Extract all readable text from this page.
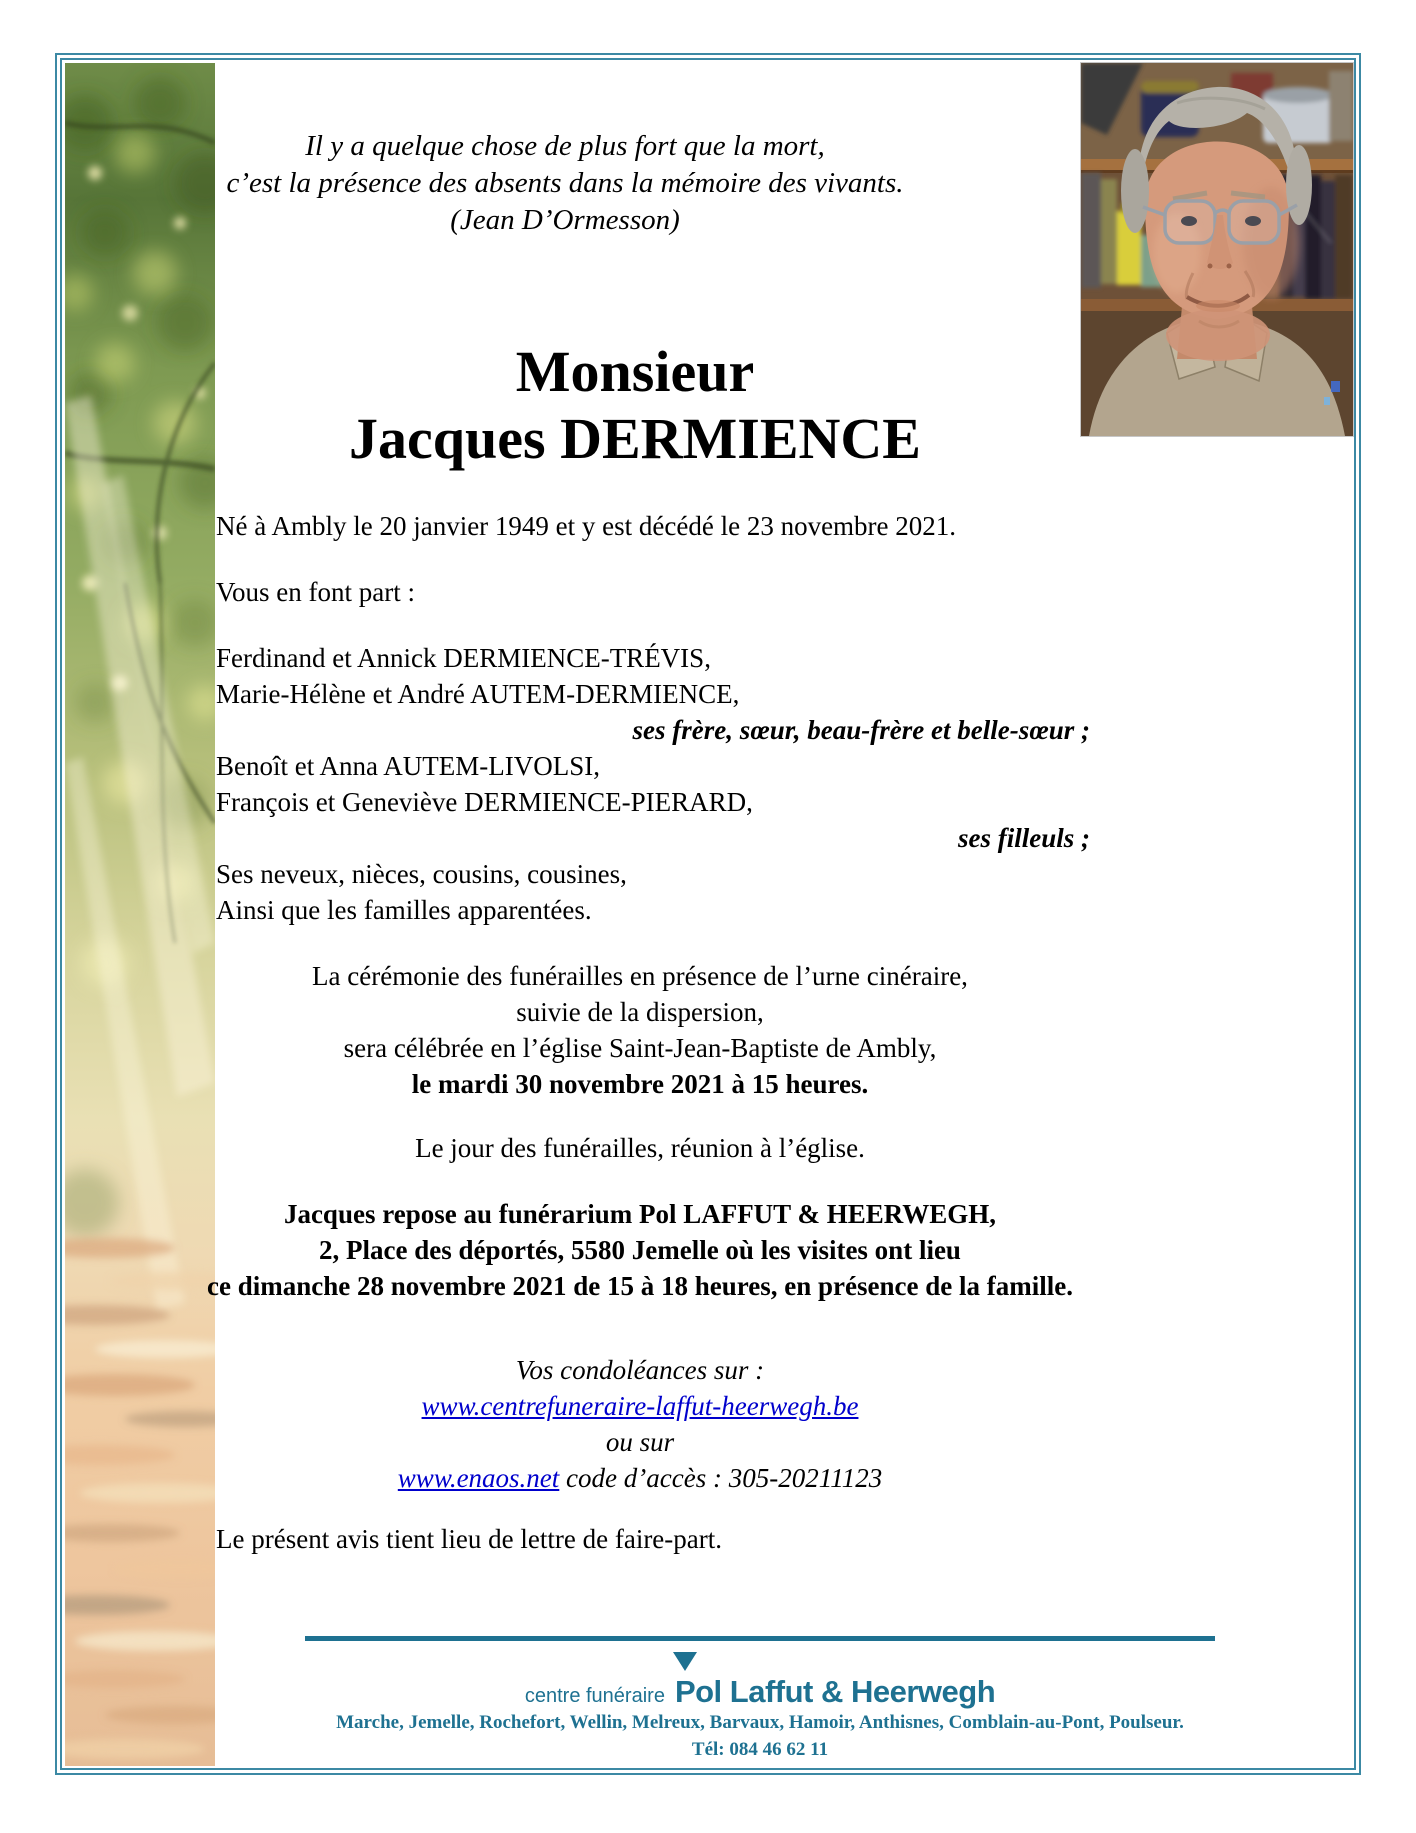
Il y a quelque chose de plus fort que la mort,
c’est la présence des absents dans la mémoire des vivants.
(Jean D’Ormesson)
Monsieur
Jacques DERMIENCE
Né à Ambly le 20 janvier 1949 et y est décédé le 23 novembre 2021.
Vous en font part :
Ferdinand et Annick DERMIENCE-TRÉVIS,
Marie-Hélène et André AUTEM-DERMIENCE,
ses frère, sœur, beau-frère et belle-sœur ;
Benoît et Anna AUTEM-LIVOLSI,
François et Geneviève DERMIENCE-PIERARD,
ses filleuls ;
Ses neveux, nièces, cousins, cousines,
Ainsi que les familles apparentées.
La cérémonie des funérailles en présence de l’urne cinéraire,
suivie de la dispersion,
sera célébrée en l’église Saint-Jean-Baptiste de Ambly,
le mardi 30 novembre 2021 à 15 heures.
Le jour des funérailles, réunion à l’église.
Jacques repose au funérarium Pol LAFFUT & HEERWEGH,
2, Place des déportés, 5580 Jemelle où les visites ont lieu
ce dimanche 28 novembre 2021 de 15 à 18 heures, en présence de la famille.
Vos condoléances sur :
www.centrefuneraire-laffut-heerwegh.be
ou sur
www.enaos.net code d’accès : 305-20211123
Le présent avis tient lieu de lettre de faire-part.
centre funéraire Pol Laffut & Heerwegh
Marche, Jemelle, Rochefort, Wellin, Melreux, Barvaux, Hamoir, Anthisnes, Comblain-au-Pont, Poulseur.
Tél: 084 46 62 11
